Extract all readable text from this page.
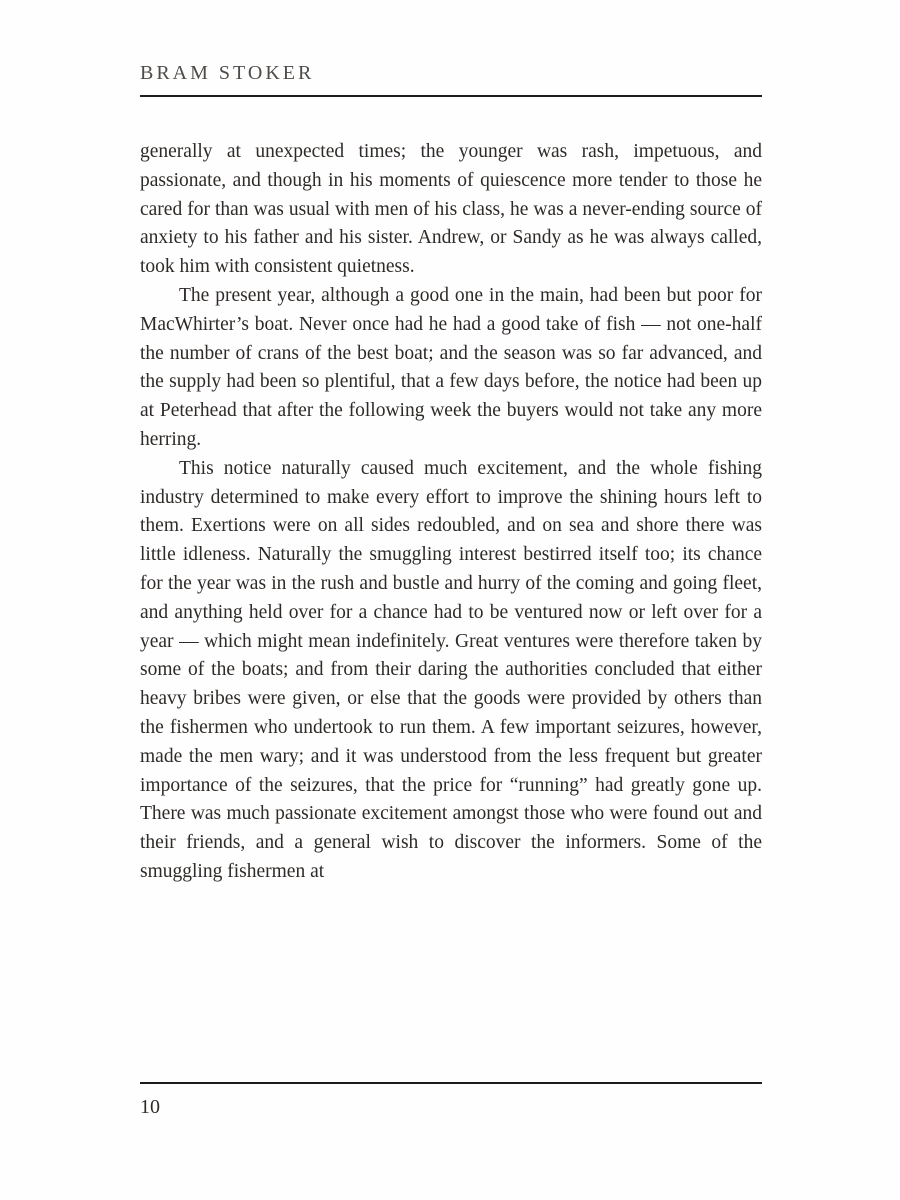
BRAM STOKER

generally at unexpected times; the younger was rash, impetuous, and passionate, and though in his moments of quiescence more tender to those he cared for than was usual with men of his class, he was a never-ending source of anxiety to his father and his sister. Andrew, or Sandy as he was always called, took him with consistent quietness.

The present year, although a good one in the main, had been but poor for MacWhirter’s boat. Never once had he had a good take of fish — not one-half the number of crans of the best boat; and the season was so far advanced, and the supply had been so plentiful, that a few days before, the notice had been up at Peterhead that after the following week the buyers would not take any more herring.

This notice naturally caused much excitement, and the whole fishing industry determined to make every effort to improve the shining hours left to them. Exertions were on all sides redoubled, and on sea and shore there was little idleness. Naturally the smuggling interest bestirred itself too; its chance for the year was in the rush and bustle and hurry of the coming and going fleet, and anything held over for a chance had to be ventured now or left over for a year — which might mean indefinitely. Great ventures were therefore taken by some of the boats; and from their daring the authorities concluded that either heavy bribes were given, or else that the goods were provided by others than the fishermen who undertook to run them. A few important seizures, however, made the men wary; and it was understood from the less frequent but greater importance of the seizures, that the price for “running” had greatly gone up. There was much passionate excitement amongst those who were found out and their friends, and a general wish to discover the informers. Some of the smuggling fishermen at

10
